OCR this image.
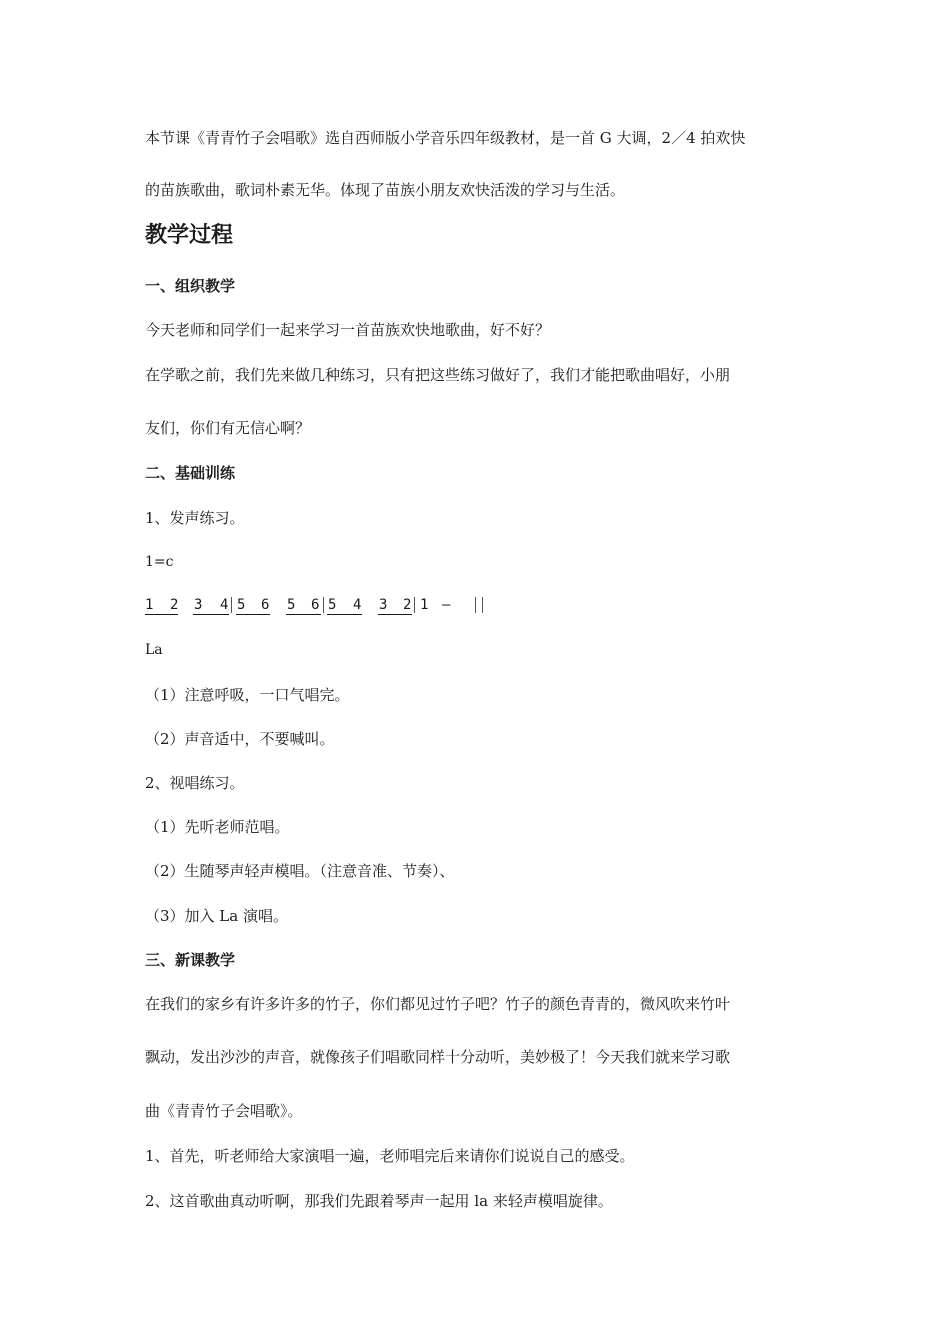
本节课《青青竹子会唱歌》选自西师版小学音乐四年级教材，是一首 G 大调，2／4 拍欢快
的苗族歌曲，歌词朴素无华。体现了苗族小朋友欢快活泼的学习与生活。
教学过程
一、组织教学
今天老师和同学们一起来学习一首苗族欢快地歌曲，好不好？
在学歌之前，我们先来做几种练习，只有把这些练习做好了，我们才能把歌曲唱好，小朋
友们，你们有无信心啊？
二、基础训练
1、发声练习。
1=c
1 2 3 4 5 6 5 6 5 4 3 2 1 —
La
（1）注意呼吸，一口气唱完。
（2）声音适中，不要喊叫。
2、视唱练习。
（1）先听老师范唱。
（2）生随琴声轻声模唱。（注意音准、节奏）、
（3）加入 La 演唱。
三、新课教学
在我们的家乡有许多许多的竹子，你们都见过竹子吧？竹子的颜色青青的，微风吹来竹叶
飘动，发出沙沙的声音，就像孩子们唱歌同样十分动听，美妙极了！今天我们就来学习歌
曲《青青竹子会唱歌》。
1、首先，听老师给大家演唱一遍，老师唱完后来请你们说说自己的感受。
2、这首歌曲真动听啊，那我们先跟着琴声一起用 la 来轻声模唱旋律。
